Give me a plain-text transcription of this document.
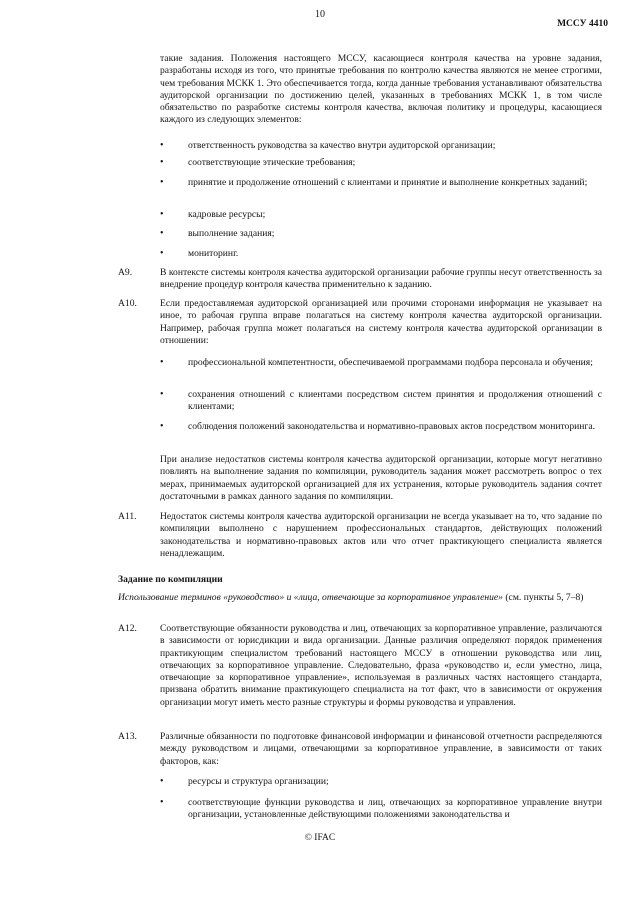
10
МССУ 4410

такие задания. Положения настоящего МССУ, касающиеся контроля качества на уровне задания, разработаны исходя из того, что принятые требования по контролю качества являются не менее строгими, чем требования МСКК 1. Это обеспечивается тогда, когда данные требования устанавливают обязательства аудиторской организации по достижению целей, указанных в требованиях МСКК 1, в том числе обязательство по разработке системы контроля качества, включая политику и процедуры, касающиеся каждого из следующих элементов:

•	ответственность руководства за качество внутри аудиторской организации;
•	соответствующие этические требования;
•	принятие и продолжение отношений с клиентами и принятие и выполнение конкретных заданий;
•	кадровые ресурсы;
•	выполнение задания;
•	мониторинг.
A9.	В контексте системы контроля качества аудиторской организации рабочие группы несут ответственность за внедрение процедур контроля качества применительно к заданию.
A10.	Если предоставляемая аудиторской организацией или прочими сторонами информация не указывает на иное, то рабочая группа вправе полагаться на систему контроля качества аудиторской организации. Например, рабочая группа может полагаться на систему контроля качества аудиторской организации в отношении:
•	профессиональной компетентности, обеспечиваемой программами подбора персонала и обучения;
•	сохранения отношений с клиентами посредством систем принятия и продолжения отношений с клиентами;
•	соблюдения положений законодательства и нормативно-правовых актов посредством мониторинга.

При анализе недостатков системы контроля качества аудиторской организации, которые могут негативно повлиять на выполнение задания по компиляции, руководитель задания может рассмотреть вопрос о тех мерах, принимаемых аудиторской организацией для их устранения, которые руководитель задания сочтет достаточными в рамках данного задания по компиляции.

A11.	Недостаток системы контроля качества аудиторской организации не всегда указывает на то, что задание по компиляции выполнено с нарушением профессиональных стандартов, действующих положений законодательства и нормативно-правовых актов или что отчет практикующего специалиста является ненадлежащим.
Задание по компиляции
Использование терминов «руководство» и «лица, отвечающие за корпоративное управление» (см. пункты 5, 7–8)
A12.	Соответствующие обязанности руководства и лиц, отвечающих за корпоративное управление, различаются в зависимости от юрисдикции и вида организации. Данные различия определяют порядок применения практикующим специалистом требований настоящего МССУ в отношении руководства или лиц, отвечающих за корпоративное управление. Следовательно, фраза «руководство и, если уместно, лица, отвечающие за корпоративное управление», используемая в различных частях настоящего стандарта, призвана обратить внимание практикующего специалиста на тот факт, что в зависимости от окружения организации могут иметь место разные структуры и формы руководства и управления.
A13.	Различные обязанности по подготовке финансовой информации и финансовой отчетности распределяются между руководством и лицами, отвечающими за корпоративное управление, в зависимости от таких факторов, как:
•	ресурсы и структура организации;
•	соответствующие функции руководства и лиц, отвечающих за корпоративное управление внутри организации, установленные действующими положениями законодательства и
© IFAC
